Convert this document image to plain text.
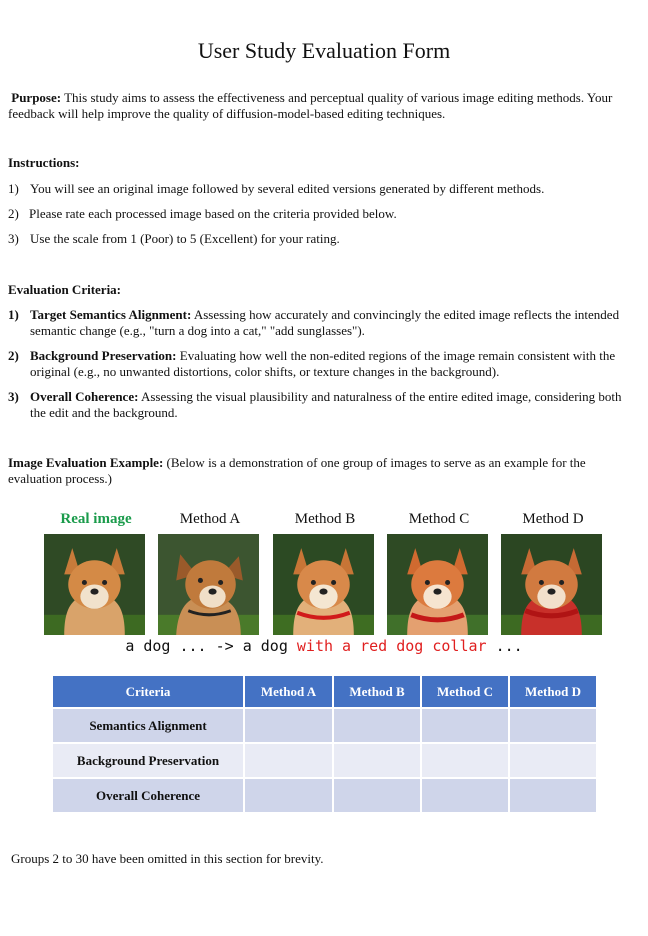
User Study Evaluation Form
Purpose: This study aims to assess the effectiveness and perceptual quality of various image editing methods. Your feedback will help improve the quality of diffusion-model-based editing techniques.
Instructions:
1) You will see an original image followed by several edited versions generated by different methods.
2) Please rate each processed image based on the criteria provided below.
3) Use the scale from 1 (Poor) to 5 (Excellent) for your rating.
Evaluation Criteria:
1) Target Semantics Alignment: Assessing how accurately and convincingly the edited image reflects the intended semantic change (e.g., "turn a dog into a cat," "add sunglasses").
2) Background Preservation: Evaluating how well the non-edited regions of the image remain consistent with the original (e.g., no unwanted distortions, color shifts, or texture changes in the background).
3) Overall Coherence: Assessing the visual plausibility and naturalness of the entire edited image, considering both the edit and the background.
Image Evaluation Example: (Below is a demonstration of one group of images to serve as an example for the evaluation process.)
Real image	Method A	Method B	Method C	Method D
a dog ... -> a dog with a red dog collar ...
Criteria	Method A	Method B	Method C	Method D
Semantics Alignment				
Background Preservation				
Overall Coherence				
Groups 2 to 30 have been omitted in this section for brevity.
